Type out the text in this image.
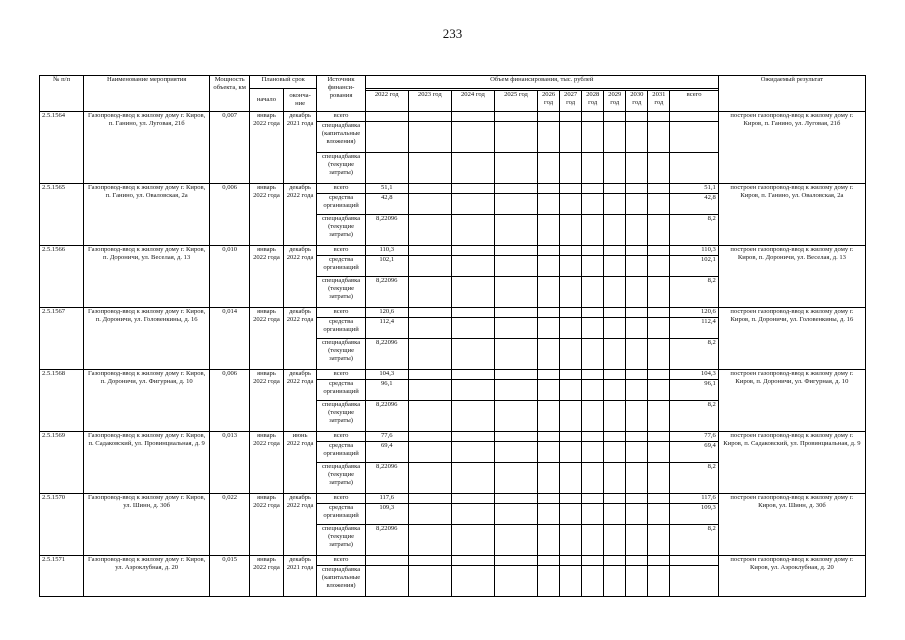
233
№ п/п	Наименование мероприятия	Мощность объекта, км	Плановый срок		Источник финанси-рования	Объем финансирования, тыс. рублей											Ожидаемый результат
			начало	оконча-ние													
						2022 год	2023 год	2024 год	2025 год	2026 год	2027 год	2028 год	2029 год	2030 год	2031 год	всего	
2.5.1564	Газопровод-ввод к жилому дому г. Киров, п. Ганино, ул. Луговая, 21б	0,007	январь 2022 года	декабрь 2021 года	всего												построен газопровод-ввод к жилому дому г. Киров, п. Ганино, ул. Луговая, 21б
					спецнадбавка (капитальные вложения)												
					спецнадбавка (текущие затраты)												
2.5.1565	Газопровод-ввод к жилому дому г. Киров, п. Ганино, ул. Оваловская, 2а	0,006	январь 2022 года	декабрь 2022 года	всего	51,1										51,1	построен газопровод-ввод к жилому дому г. Киров, п. Ганино, ул. Оваловская, 2а
					средства организаций	42,8										42,8	
					спецнадбавка (текущие затраты)	8,22096										8,2	
2.5.1566	Газопровод-ввод к жилому дому г. Киров, п. Дороничи, ул. Веселая, д. 13	0,010	январь 2022 года	декабрь 2022 года	всего	110,3										110,3	построен газопровод-ввод к жилому дому г. Киров, п. Дороничи, ул. Веселая, д. 13
					средства организаций	102,1										102,1	
					спецнадбавка (текущие затраты)	8,22096										8,2	
2.5.1567	Газопровод-ввод к жилому дому г. Киров, п. Дороничи, ул. Головенкины, д. 16	0,014	январь 2022 года	декабрь 2022 года	всего	120,6										120,6	построен газопровод-ввод к жилому дому г. Киров, п. Дороничи, ул. Головенкины, д. 16
					средства организаций	112,4										112,4	
					спецнадбавка (текущие затраты)	8,22096										8,2	
2.5.1568	Газопровод-ввод к жилому дому г. Киров, п. Дороничи, ул. Фигурная, д. 10	0,006	январь 2022 года	декабрь 2022 года	всего	104,3										104,3	построен газопровод-ввод к жилому дому г. Киров, п. Дороничи, ул. Фигурная, д. 10
					средства организаций	96,1										96,1	
					спецнадбавка (текущие затраты)	8,22096										8,2	
2.5.1569	Газопровод-ввод к жилому дому г. Киров, п. Садаковский, ул. Провинциальная, д. 9	0,013	январь 2022 года	июнь 2022 года	всего	77,6										77,6	построен газопровод-ввод к жилому дому г. Киров, п. Садаковский, ул. Провинциальная, д. 9
					средства организаций	69,4										69,4	
					спецнадбавка (текущие затраты)	8,22096										8,2	
2.5.1570	Газопровод-ввод к жилому дому г. Киров, ул. Шинн, д. 30б	0,022	январь 2022 года	декабрь 2022 года	всего	117,6										117,6	построен газопровод-ввод к жилому дому г. Киров, ул. Шинн, д. 30б
					средства организаций	109,3										109,3	
					спецнадбавка (текущие затраты)	8,22096										8,2	
2.5.1571	Газопровод-ввод к жилому дому г. Киров, ул. Аэроклубная, д. 20	0,015	январь 2022 года	декабрь 2021 года	всего												построен газопровод-ввод к жилому дому г. Киров, ул. Аэроклубная, д. 20
					спецнадбавка (капитальные вложения)												
